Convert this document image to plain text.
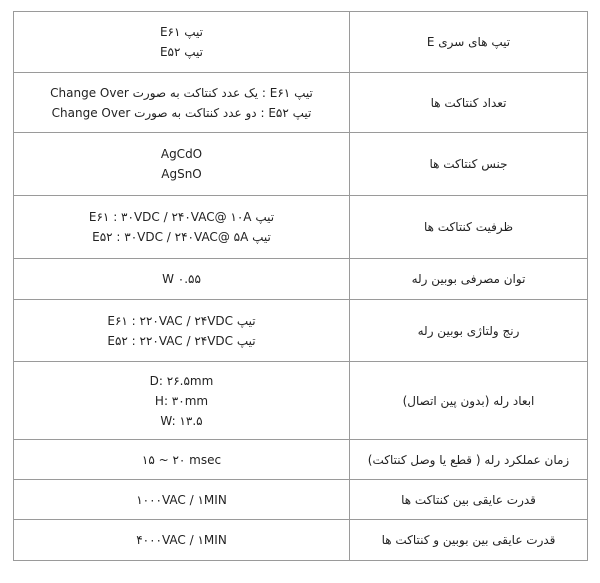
تیپ E۶۱
تیپ E۵۲	تیپ های سری E

تیپ E۶۱ : یک عدد کنتاکت به صورت Change Over
تیپ E۵۲ : دو عدد کنتاکت به صورت Change Over	تعداد کنتاکت ها

AgCdO
AgSnO	جنس کنتاکت ها

تیپ E۶۱ : ۳۰VDC / ۲۴۰VAC@ ۱۰A
تیپ E۵۲ : ۳۰VDC / ۲۴۰VAC@ ۵A	ظرفیت کنتاکت ها

W ۰.۵۵	توان مصرفی بوبین رله

تیپ E۶۱ : ۲۲۰VAC / ۲۴VDC
تیپ E۵۲ : ۲۲۰VAC / ۲۴VDC	رنج ولتاژی بوبین رله

D: ۲۶.۵mm
H: ۳۰mm
W: ۱۳.۵	ابعاد رله (بدون پین اتصال)

۱۵ ~ ۲۰ msec	زمان عملکرد رله ( قطع یا وصل کنتاکت)

۱۰۰۰VAC / ۱MIN	قدرت عایقی بین کنتاکت ها

۴۰۰۰VAC / ۱MIN	قدرت عایقی بین بوبین و کنتاکت ها
